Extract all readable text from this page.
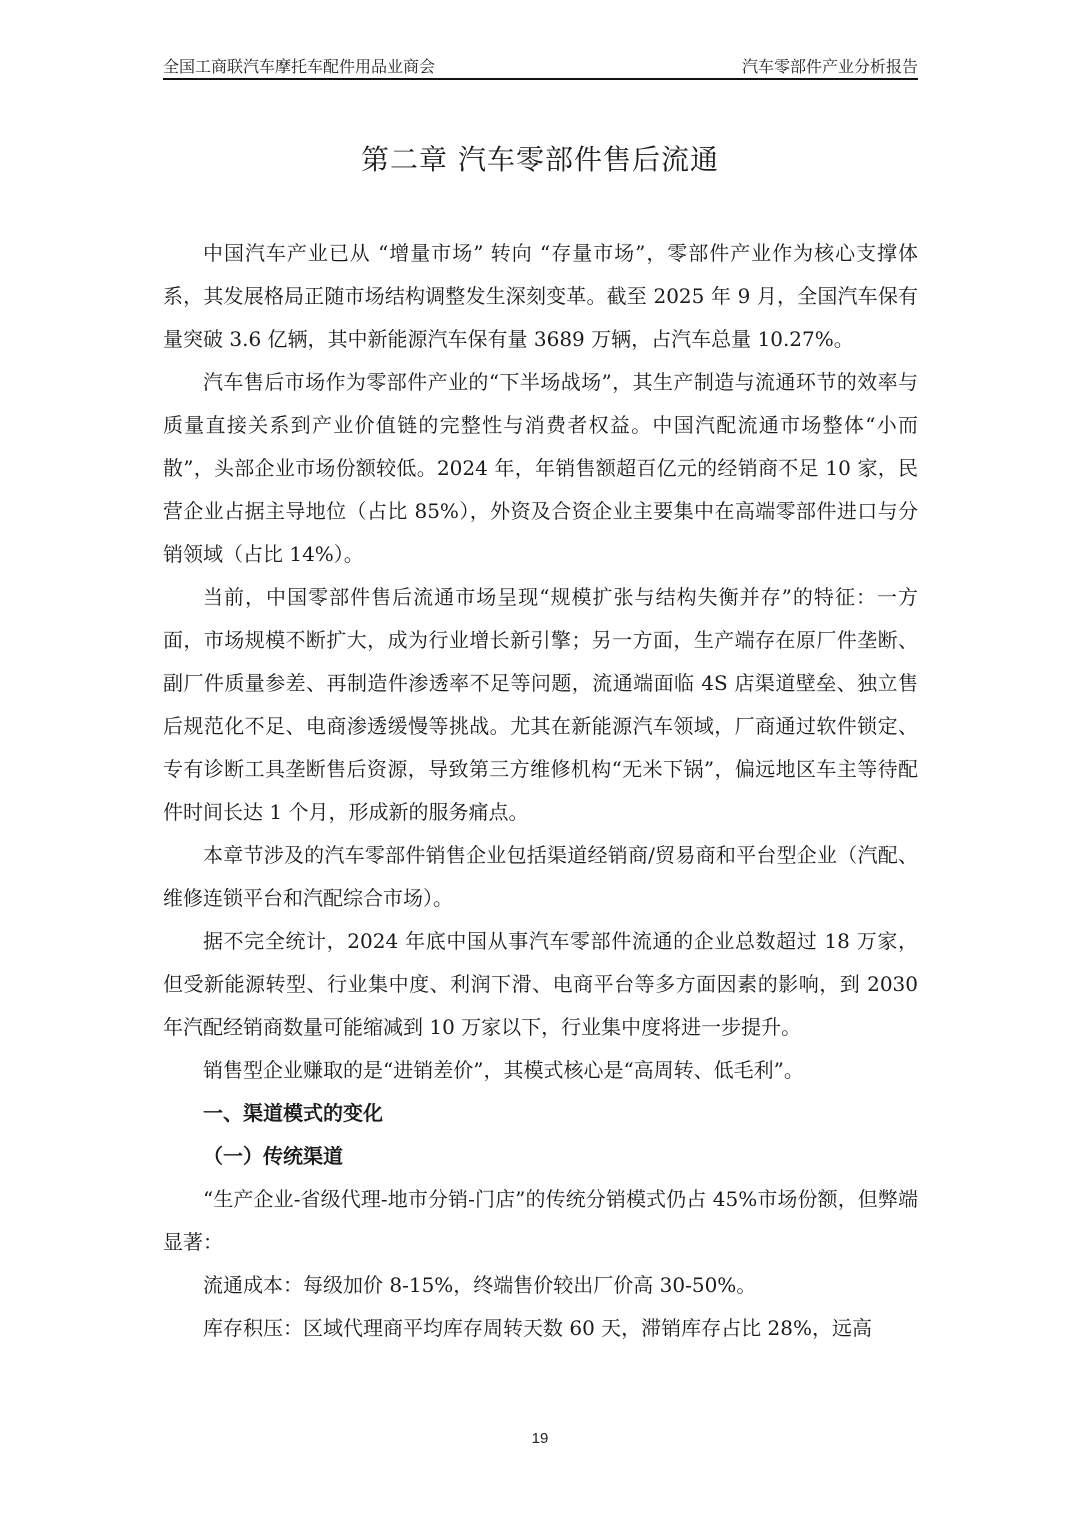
全国工商联汽车摩托车配件用品业商会	汽车零部件产业分析报告
第二章 汽车零部件售后流通

中国汽车产业已从 “增量市场” 转向 “存量市场”，零部件产业作为核心支撑体系，其发展格局正随市场结构调整发生深刻变革。截至 2025 年 9 月，全国汽车保有量突破 3.6 亿辆，其中新能源汽车保有量 3689 万辆，占汽车总量 10.27%。

汽车售后市场作为零部件产业的“下半场战场”，其生产制造与流通环节的效率与质量直接关系到产业价值链的完整性与消费者权益。中国汽配流通市场整体“小而散”，头部企业市场份额较低。2024 年，年销售额超百亿元的经销商不足 10 家，民营企业占据主导地位（占比 85%），外资及合资企业主要集中在高端零部件进口与分销领域（占比 14%）。

当前，中国零部件售后流通市场呈现“规模扩张与结构失衡并存”的特征：一方面，市场规模不断扩大，成为行业增长新引擎；另一方面，生产端存在原厂件垄断、副厂件质量参差、再制造件渗透率不足等问题，流通端面临 4S 店渠道壁垒、独立售后规范化不足、电商渗透缓慢等挑战。尤其在新能源汽车领域，厂商通过软件锁定、专有诊断工具垄断售后资源，导致第三方维修机构“无米下锅”，偏远地区车主等待配件时间长达 1 个月，形成新的服务痛点。

本章节涉及的汽车零部件销售企业包括渠道经销商/贸易商和平台型企业（汽配、维修连锁平台和汽配综合市场）。

据不完全统计，2024 年底中国从事汽车零部件流通的企业总数超过 18 万家，但受新能源转型、行业集中度、利润下滑、电商平台等多方面因素的影响，到 2030 年汽配经销商数量可能缩减到 10 万家以下，行业集中度将进一步提升。

销售型企业赚取的是“进销差价”，其模式核心是“高周转、低毛利”。

一、渠道模式的变化
（一）传统渠道

“生产企业-省级代理-地市分销-门店”的传统分销模式仍占 45%市场份额，但弊端显著：

流通成本：每级加价 8-15%，终端售价较出厂价高 30-50%。

库存积压：区域代理商平均库存周转天数 60 天，滞销库存占比 28%，远高

19
